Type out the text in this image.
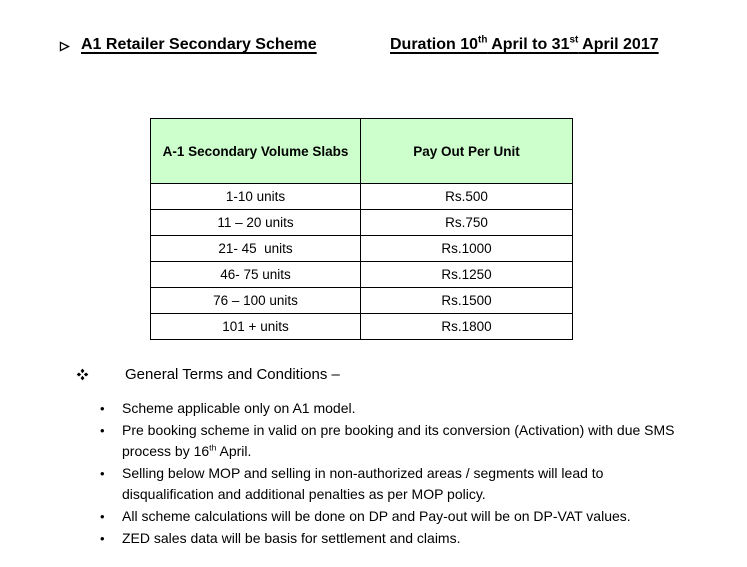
A1 Retailer Secondary Scheme	Duration 10th April to 31st April 2017
A-1 Secondary Volume Slabs	Pay Out Per Unit
1-10 units	Rs.500
11 – 20 units	Rs.750
21- 45  units	Rs.1000
46- 75 units	Rs.1250
76 – 100 units	Rs.1500
101 + units	Rs.1800
General Terms and Conditions –
•	Scheme applicable only on A1 model.
•	Pre booking scheme in valid on pre booking and its conversion (Activation) with due SMS process by 16th April.
•	Selling below MOP and selling in non-authorized areas / segments will lead to disqualification and additional penalties as per MOP policy.
•	All scheme calculations will be done on DP and Pay-out will be on DP-VAT values.
•	ZED sales data will be basis for settlement and claims.
